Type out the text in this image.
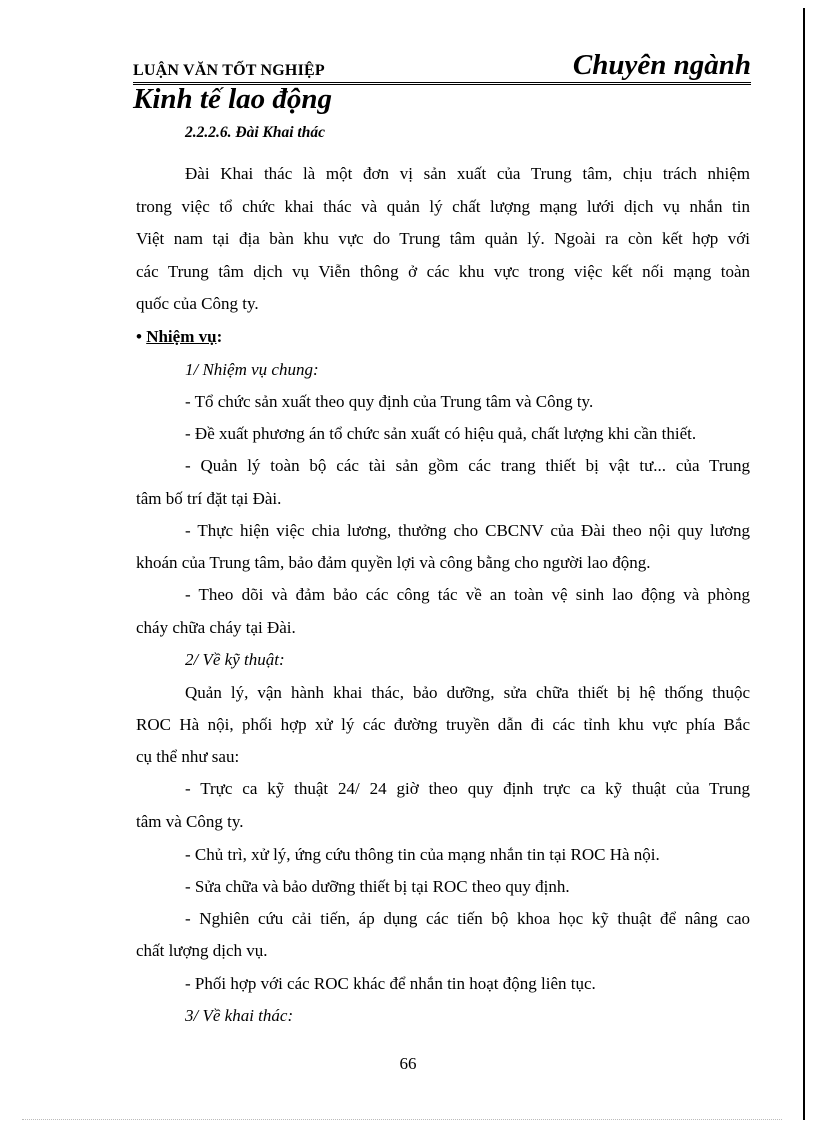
LUẬN VĂN TỐT NGHIỆP	Chuyên ngành
Kinh tế lao động
2.2.2.6. Đài Khai thác
Đài Khai thác là một đơn vị sản xuất của Trung tâm, chịu trách nhiệm
trong việc tổ chức khai thác và quản lý chất lượng mạng lưới dịch vụ nhắn tin
Việt nam tại địa bàn khu vực do Trung tâm quản lý. Ngoài ra còn kết hợp với
các Trung tâm dịch vụ Viễn thông ở các khu vực trong việc kết nối mạng toàn
quốc của Công ty.
• Nhiệm vụ:
1/ Nhiệm vụ chung:
- Tổ chức sản xuất theo quy định của Trung tâm và Công ty.
- Đề xuất phương án tổ chức sản xuất có hiệu quả, chất lượng khi cần thiết.
- Quản lý toàn bộ các tài sản gồm các trang thiết bị vật tư... của Trung
tâm bố trí đặt tại Đài.
- Thực hiện việc chia lương, thưởng cho CBCNV của Đài theo nội quy lương
khoán của Trung tâm, bảo đảm quyền lợi và công bằng cho người lao động.
- Theo dõi và đảm bảo các công tác về an toàn vệ sinh lao động và phòng
cháy chữa cháy tại Đài.
2/ Về kỹ thuật:
Quản lý, vận hành khai thác, bảo dưỡng, sửa chữa thiết bị hệ thống thuộc
ROC Hà nội, phối hợp xử lý các đường truyền dẫn đi các tỉnh khu vực phía Bắc
cụ thể như sau:
- Trực ca kỹ thuật 24/ 24 giờ theo quy định trực ca kỹ thuật của Trung
tâm và Công ty.
- Chủ trì, xử lý, ứng cứu thông tin của mạng nhắn tin tại ROC Hà nội.
- Sửa chữa và bảo dưỡng thiết bị tại ROC theo quy định.
- Nghiên cứu cải tiến, áp dụng các tiến bộ khoa học kỹ thuật để nâng cao
chất lượng dịch vụ.
- Phối hợp với các ROC khác để nhắn tin hoạt động liên tục.
3/ Về khai thác:
66
